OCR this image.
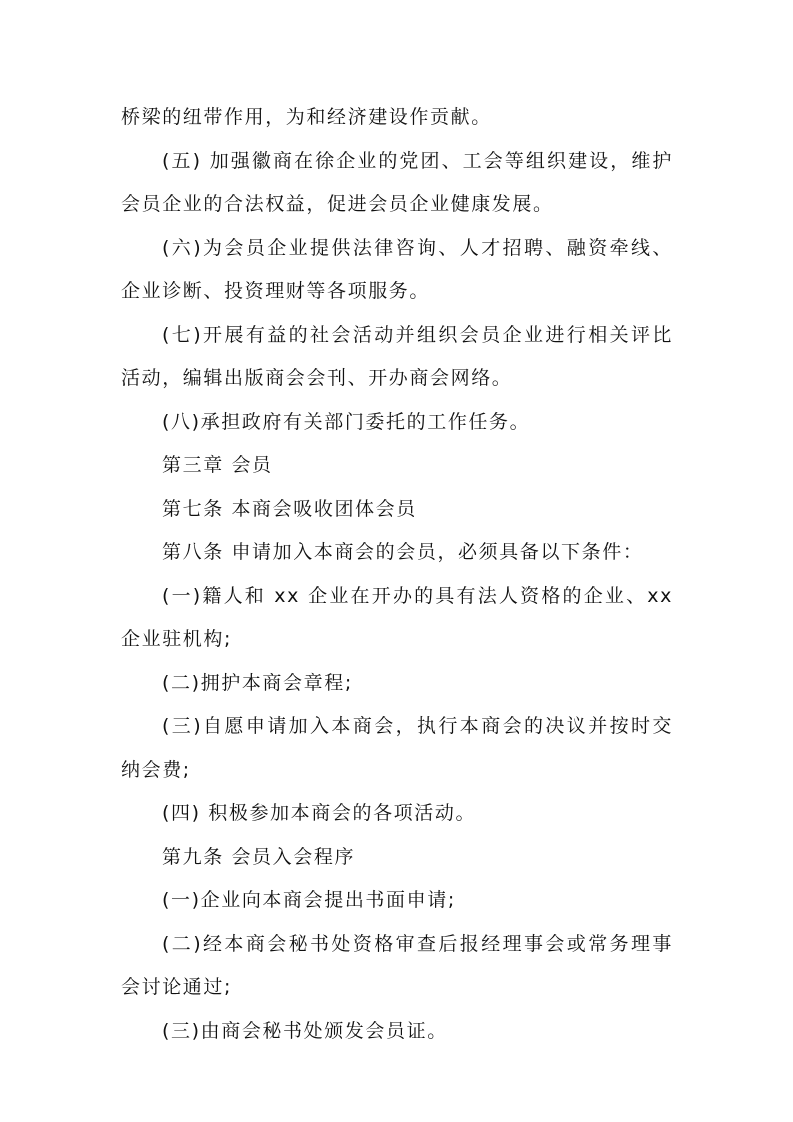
桥梁的纽带作用，为和经济建设作贡献。

(五) 加强徽商在徐企业的党团、工会等组织建设，维护会员企业的合法权益，促进会员企业健康发展。

(六)为会员企业提供法律咨询、人才招聘、融资牵线、企业诊断、投资理财等各项服务。

(七)开展有益的社会活动并组织会员企业进行相关评比活动，编辑出版商会会刊、开办商会网络。

(八)承担政府有关部门委托的工作任务。

第三章 会员

第七条 本商会吸收团体会员

第八条 申请加入本商会的会员，必须具备以下条件：

(一)籍人和 xx 企业在开办的具有法人资格的企业、xx 企业驻机构;

(二)拥护本商会章程;

(三)自愿申请加入本商会，执行本商会的决议并按时交纳会费;

(四) 积极参加本商会的各项活动。

第九条 会员入会程序

(一)企业向本商会提出书面申请;

(二)经本商会秘书处资格审查后报经理事会或常务理事会讨论通过;

(三)由商会秘书处颁发会员证。
